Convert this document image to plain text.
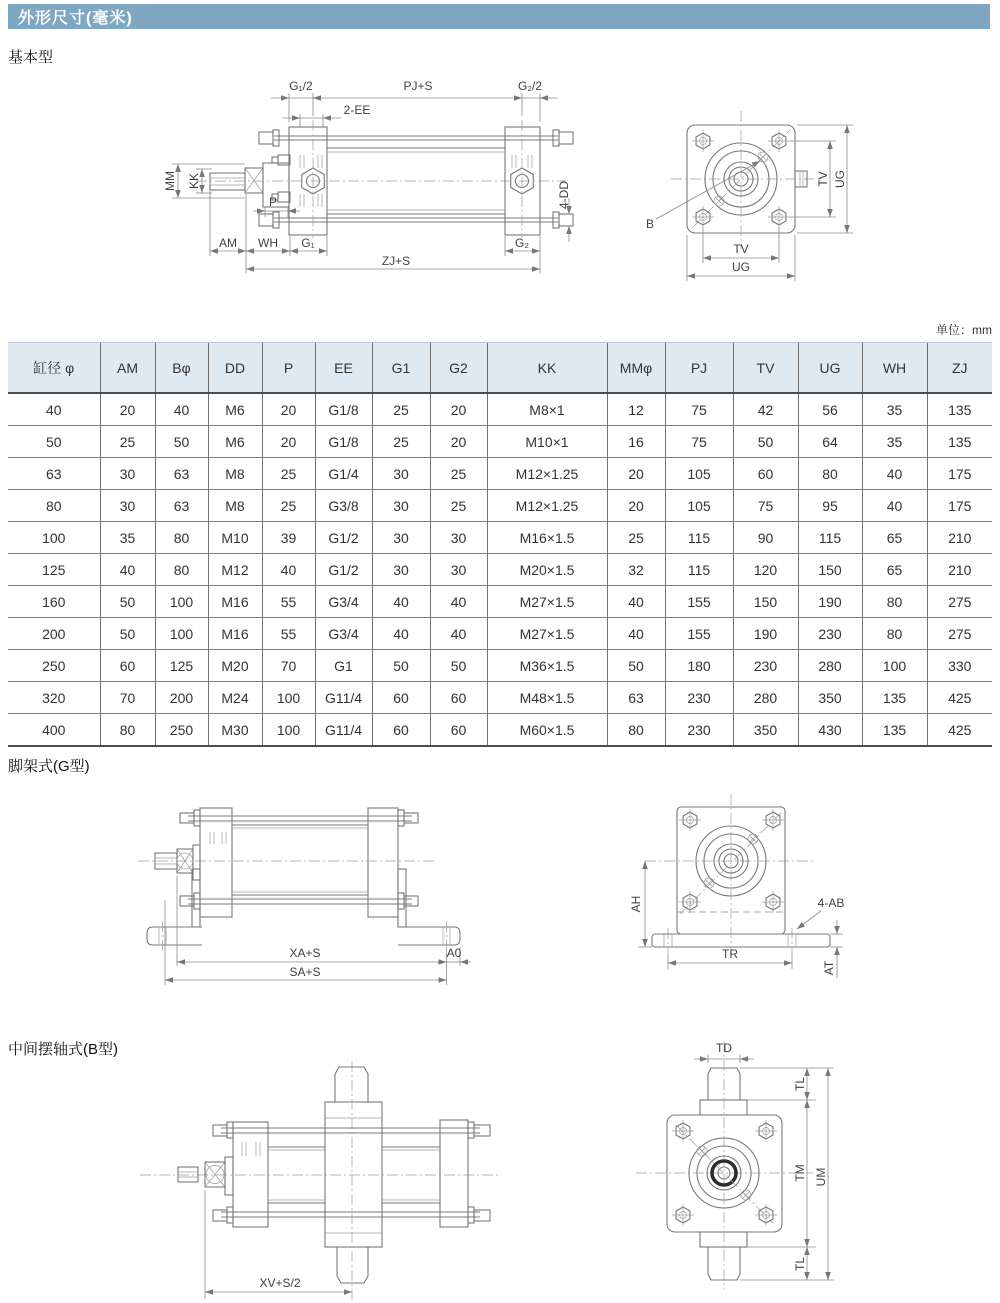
外形尺寸(毫米)
基本型
G₁/2	PJ+S	G₂/2
2-EE
MM KK
P
AM WH G₁	G₂
ZJ+S
4-DD
B
TV UG
TV
UG
单位：mm
缸径 φ	AM	Bφ	DD	P	EE	G1	G2	KK	MMφ	PJ	TV	UG	WH	ZJ
40	20	40	M6	20	G1/8	25	20	M8×1	12	75	42	56	35	135
50	25	50	M6	20	G1/8	25	20	M10×1	16	75	50	64	35	135
63	30	63	M8	25	G1/4	30	25	M12×1.25	20	105	60	80	40	175
80	30	63	M8	25	G3/8	30	25	M12×1.25	20	105	75	95	40	175
100	35	80	M10	39	G1/2	30	30	M16×1.5	25	115	90	115	65	210
125	40	80	M12	40	G1/2	30	30	M20×1.5	32	115	120	150	65	210
160	50	100	M16	55	G3/4	40	40	M27×1.5	40	155	150	190	80	275
200	50	100	M16	55	G3/4	40	40	M27×1.5	40	155	190	230	80	275
250	60	125	M20	70	G1	50	50	M36×1.5	50	180	230	280	100	330
320	70	200	M24	100	G11/4	60	60	M48×1.5	63	230	280	350	135	425
400	80	250	M30	100	G11/4	60	60	M60×1.5	80	230	350	430	135	425
脚架式(G型)
XA+S	A0
SA+S
AH	4-AB
TR
AT
中间摆轴式(B型)
XV+S/2
TD
TL
TM
TL
UM
